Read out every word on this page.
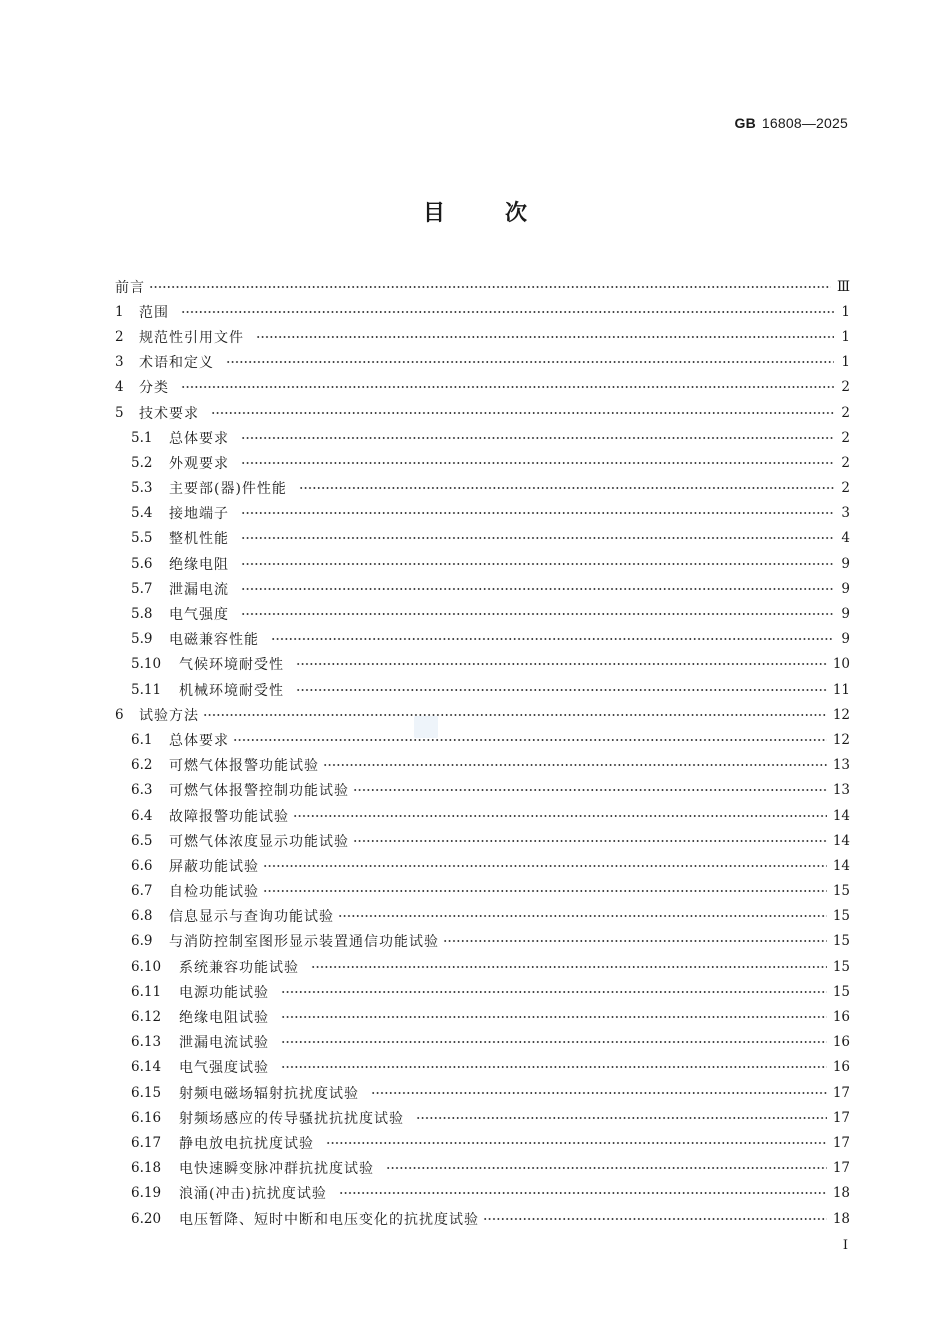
GB 16808—2025
目次
前言	Ⅲ
1	范围	1
2	规范性引用文件	1
3	术语和定义	1
4	分类	2
5	技术要求	2
5.1	总体要求	2
5.2	外观要求	2
5.3	主要部(器)件性能	2
5.4	接地端子	3
5.5	整机性能	4
5.6	绝缘电阻	9
5.7	泄漏电流	9
5.8	电气强度	9
5.9	电磁兼容性能	9
5.10	气候环境耐受性	10
5.11	机械环境耐受性	11
6	试验方法	12
6.1	总体要求	12
6.2	可燃气体报警功能试验	13
6.3	可燃气体报警控制功能试验	13
6.4	故障报警功能试验	14
6.5	可燃气体浓度显示功能试验	14
6.6	屏蔽功能试验	14
6.7	自检功能试验	15
6.8	信息显示与查询功能试验	15
6.9	与消防控制室图形显示装置通信功能试验	15
6.10	系统兼容功能试验	15
6.11	电源功能试验	15
6.12	绝缘电阻试验	16
6.13	泄漏电流试验	16
6.14	电气强度试验	16
6.15	射频电磁场辐射抗扰度试验	17
6.16	射频场感应的传导骚扰抗扰度试验	17
6.17	静电放电抗扰度试验	17
6.18	电快速瞬变脉冲群抗扰度试验	17
6.19	浪涌(冲击)抗扰度试验	18
6.20	电压暂降、短时中断和电压变化的抗扰度试验	18
Ⅰ
